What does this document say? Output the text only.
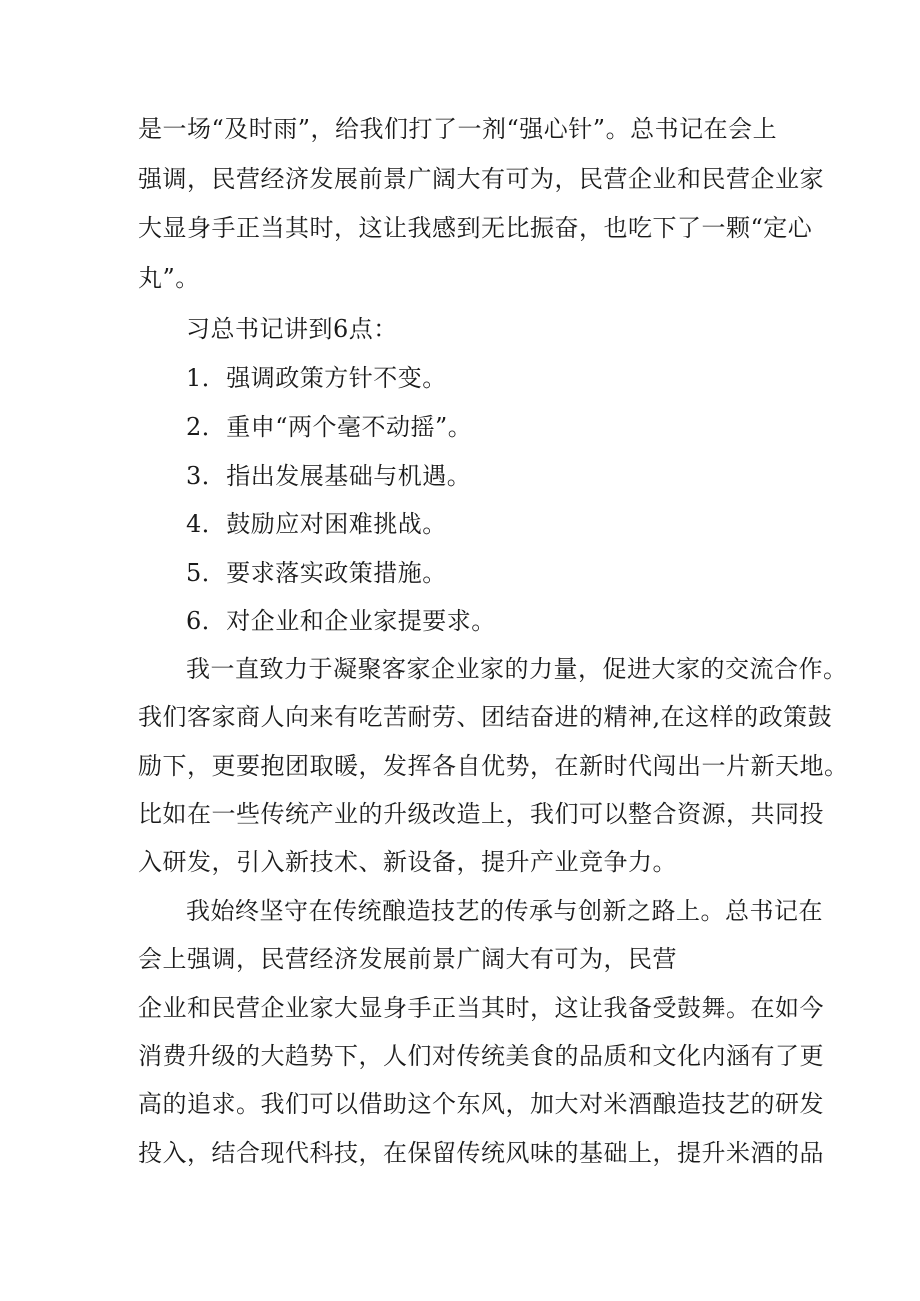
是一场“及时雨”，给我们打了一剂“强心针”。总书记在会上
强调，民营经济发展前景广阔大有可为，民营企业和民营企业家
大显身手正当其时，这让我感到无比振奋，也吃下了一颗“定心
丸”。
习总书记讲到6点：
1．强调政策方针不变。
2．重申“两个毫不动摇”。
3．指出发展基础与机遇。
4．鼓励应对困难挑战。
5．要求落实政策措施。
6．对企业和企业家提要求。
我一直致力于凝聚客家企业家的力量，促进大家的交流合作。
我们客家商人向来有吃苦耐劳、团结奋进的精神,在这样的政策鼓
励下，更要抱团取暖，发挥各自优势，在新时代闯出一片新天地。
比如在一些传统产业的升级改造上，我们可以整合资源，共同投
入研发，引入新技术、新设备，提升产业竞争力。
我始终坚守在传统酿造技艺的传承与创新之路上。总书记在
会上强调，民营经济发展前景广阔大有可为，民营
企业和民营企业家大显身手正当其时，这让我备受鼓舞。在如今
消费升级的大趋势下，人们对传统美食的品质和文化内涵有了更
高的追求。我们可以借助这个东风，加大对米酒酿造技艺的研发
投入，结合现代科技，在保留传统风味的基础上，提升米酒的品
